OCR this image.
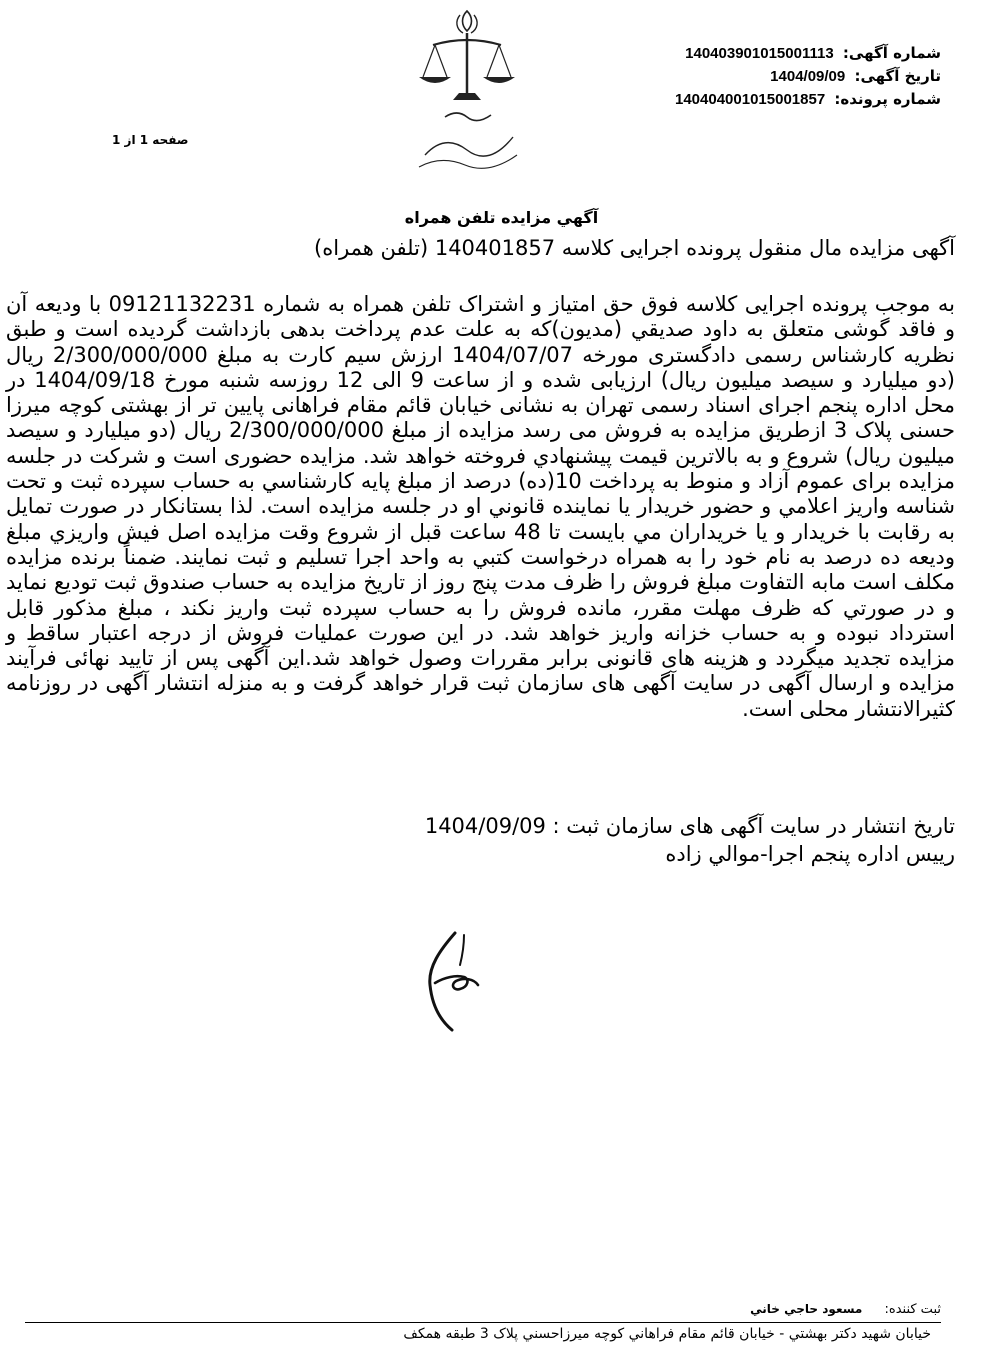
شماره آگهی: 14040390101500111‎3
تاریخ آگهی: 1404/09/09
شماره پرونده: 140404001015001857
صفحه 1 از 1
آگهي مزايده تلفن همراه
آگهی مزایده مال منقول پرونده اجرایی کلاسه 140401857 (تلفن همراه)

به موجب پرونده اجرایی کلاسه فوق حق امتیاز و اشتراک تلفن همراه به شماره 09121132231 با ودیعه آن و فاقد گوشی متعلق به داود صديقي (مديون)که به علت عدم پرداخت بدهی بازداشت گردیده است و طبق نظریه کارشناس رسمی دادگستری مورخه 1404/07/07 ارزش سیم کارت به مبلغ 2/300/000/000 ریال (دو میلیارد و سیصد میلیون ریال) ارزیابی شده و از ساعت 9 الی 12 روزسه شنبه مورخ 1404/09/18 در محل اداره پنجم اجرای اسناد رسمی تهران به نشانی خیابان قائم مقام فراهانی پایین تر از بهشتی کوچه میرزا حسنی پلاک 3 ازطریق مزایده به فروش می رسد مزایده از مبلغ 2/300/000/000 ریال (دو میلیارد و سیصد میلیون ریال) شروع و به بالاترین قیمت پیشنهادي فروخته خواهد شد. مزایده حضوری است و شرکت در جلسه مزایده برای عموم آزاد و منوط به پرداخت 10(ده) درصد از مبلغ پایه کارشناسي به حساب سپرده ثبت و تحت شناسه واريز اعلامي و حضور خريدار يا نماينده قانوني او در جلسه مزايده است. لذا بستانكار در صورت تمايل به رقابت با خريدار و يا خريداران مي بايست تا 48 ساعت قبل از شروع وقت مزايده اصل فيش واريزي مبلغ وديعه ده درصد به نام خود را به همراه درخواست كتبي به واحد اجرا تسليم و ثبت نمايند. ضمناً برنده مزایده مکلف است مابه التفاوت مبلغ فروش را ظرف مدت پنج روز از تاریخ مزایده به حساب صندوق ثبت توديع نمايد و در صورتي كه ظرف مهلت مقرر، مانده فروش را به حساب سپرده ثبت واریز نکند ، مبلغ مذکور قابل استرداد نبوده و به حساب خزانه واریز خواهد شد. در این صورت عملیات فروش از درجه اعتبار ساقط و مزایده تجدید میگردد و هزینه های قانونی برابر مقررات وصول خواهد شد.این آگهی پس از تایید نهائی فرآیند مزایده و ارسال آگهی در سایت آگهی های سازمان ثبت قرار خواهد گرفت و به منزله انتشار آگهی در روزنامه کثیرالانتشار محلی است.

تاریخ انتشار در سایت آگهی های سازمان ثبت : 1404/09/09
رییس اداره پنجم اجرا-موالي زاده
ثبت کننده: مسعود حاجي خاني
خيابان شهيد دکتر بهشتي - خيابان قائم مقام فراهاني کوچه ميرزاحسني پلاک 3 طبقه همکف
